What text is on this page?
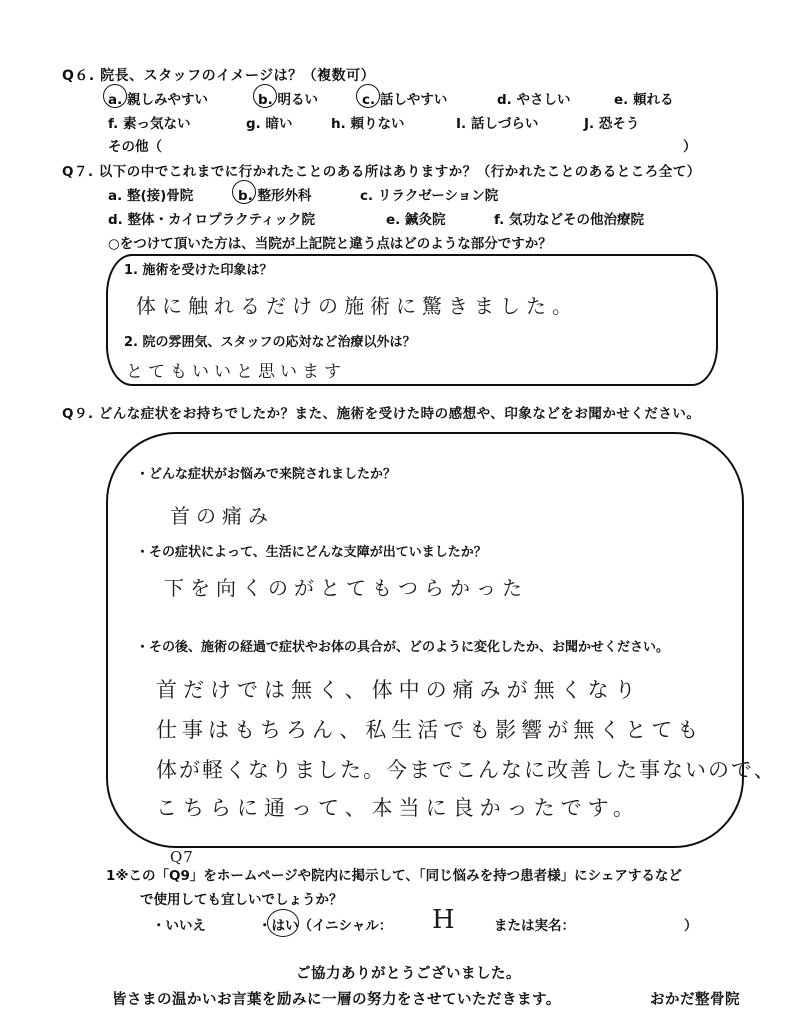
Q６. 院長、スタッフのイメージは？（複数可）
a. 親しみやすい	b. 明るい	c. 話しやすい	d. やさしい	e. 頼れる
f. 素っ気ない	g. 暗い	h. 頼りない	I. 話しづらい	J. 恐そう
その他（	）
Q７. 以下の中でこれまでに行かれたことのある所はありますか？（行かれたことのあるところ全て）
a. 整(接)骨院	b. 整形外科	c. リラクゼーション院
d. 整体・カイロプラクティック院	e. 鍼灸院	f. 気功などその他治療院
○をつけて頂いた方は、当院が上記院と違う点はどのような部分ですか？
1. 施術を受けた印象は？
体に触れるだけの施術に驚きました。
2. 院の雰囲気、スタッフの応対など治療以外は？
とてもいいと思います
Q９. どんな症状をお持ちでしたか？また、施術を受けた時の感想や、印象などをお聞かせください。
・どんな症状がお悩みで来院されましたか？
首の痛み
・その症状によって、生活にどんな支障が出ていましたか？
下を向くのがとてもつらかった
・その後、施術の経過で症状やお体の具合が、どのように変化したか、お聞かせください。
首だけでは無く、体中の痛みが無くなり
仕事はもちろん、私生活でも影響が無くとても
体が軽くなりました。今までこんなに改善した事ないので、
こちらに通って、本当に良かったです。
Q7
1※この「Q9」をホームページや院内に掲示して、「同じ悩みを持つ患者様」にシェアするなど
で使用しても宜しいでしょうか？
・いいえ	・はい（イニシャル： H	または実名：	）
ご協力ありがとうございました。
皆さまの温かいお言葉を励みに一層の努力をさせていただきます。	おかだ整骨院
